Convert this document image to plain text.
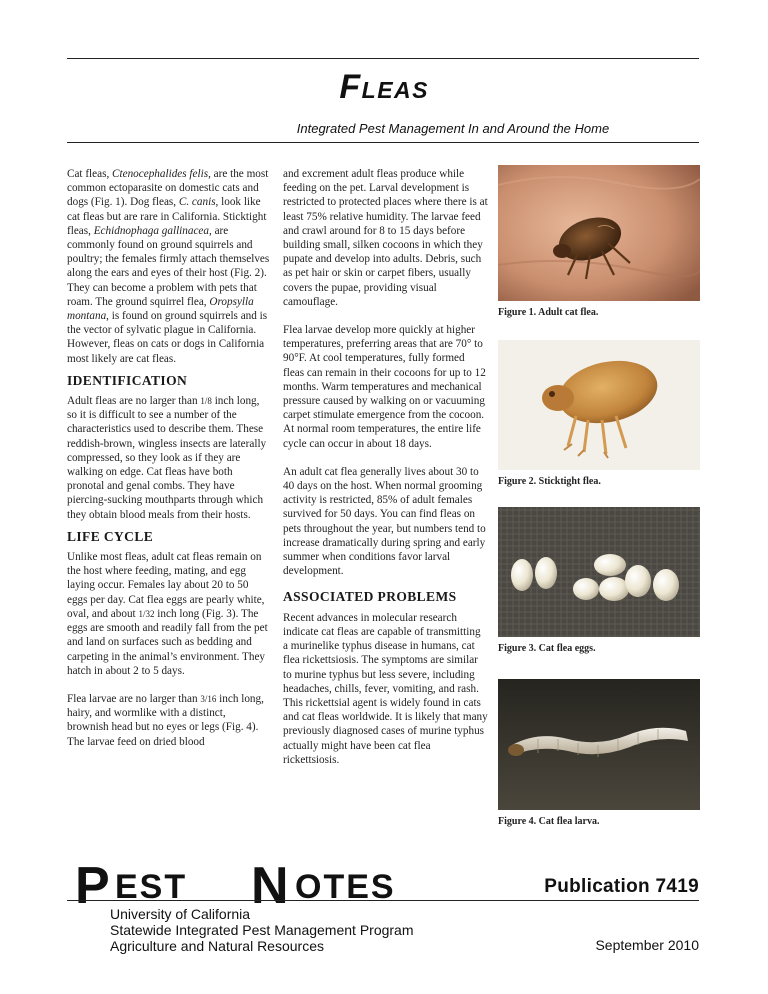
FLEAS
Integrated Pest Management In and Around the Home

Cat fleas, Ctenocephalides felis, are the most common ectoparasite on domestic cats and dogs (Fig. 1). Dog fleas, C. canis, look like cat fleas but are rare in California. Sticktight fleas, Echidnophaga gallinacea, are commonly found on ground squirrels and poultry; the females firmly attach themselves along the ears and eyes of their host (Fig. 2). They can become a problem with pets that roam. The ground squirrel flea, Oropsylla montana, is found on ground squirrels and is the vector of sylvatic plague in California. However, fleas on cats or dogs in California most likely are cat fleas.

IDENTIFICATION

Adult fleas are no larger than 1/8 inch long, so it is difficult to see a number of the characteristics used to describe them. These reddish-brown, wingless insects are laterally compressed, so they look as if they are walking on edge. Cat fleas have both pronotal and genal combs. They have piercing-sucking mouthparts through which they obtain blood meals from their hosts.

LIFE CYCLE

Unlike most fleas, adult cat fleas remain on the host where feeding, mating, and egg laying occur. Females lay about 20 to 50 eggs per day. Cat flea eggs are pearly white, oval, and about 1/32 inch long (Fig. 3). The eggs are smooth and readily fall from the pet and land on surfaces such as bedding and carpeting in the animal’s environment. They hatch in about 2 to 5 days.

Flea larvae are no larger than 3/16 inch long, hairy, and wormlike with a distinct, brownish head but no eyes or legs (Fig. 4). The larvae feed on dried blood

and excrement adult fleas produce while feeding on the pet. Larval development is restricted to protected places where there is at least 75% relative humidity. The larvae feed and crawl around for 8 to 15 days before building small, silken cocoons in which they pupate and develop into adults. Debris, such as pet hair or skin or carpet fibers, usually covers the pupae, providing visual camouflage.

Flea larvae develop more quickly at higher temperatures, preferring areas that are 70° to 90°F. At cool temperatures, fully formed fleas can remain in their cocoons for up to 12 months. Warm temperatures and mechanical pressure caused by walking on or vacuuming carpet stimulate emergence from the cocoon. At normal room temperatures, the entire life cycle can occur in about 18 days.

An adult cat flea generally lives about 30 to 40 days on the host. When normal grooming activity is restricted, 85% of adult females survived for 50 days. You can find fleas on pets throughout the year, but numbers tend to increase dramatically during spring and early summer when conditions favor larval development.

ASSOCIATED PROBLEMS

Recent advances in molecular research indicate cat fleas are capable of transmitting a murinelike typhus disease in humans, cat flea rickettsiosis. The symptoms are similar to murine typhus but less severe, including headaches, chills, fever, vomiting, and rash. This rickettsial agent is widely found in cats and cat fleas worldwide. It is likely that many previously diagnosed cases of murine typhus actually might have been cat flea rickettsiosis.

Figure 1. Adult cat flea.
Figure 2. Sticktight flea.
Figure 3. Cat flea eggs.
Figure 4. Cat flea larva.
P EST N OTES	Publication 7419
University of California
Statewide Integrated Pest Management Program
Agriculture and Natural Resources	September 2010
